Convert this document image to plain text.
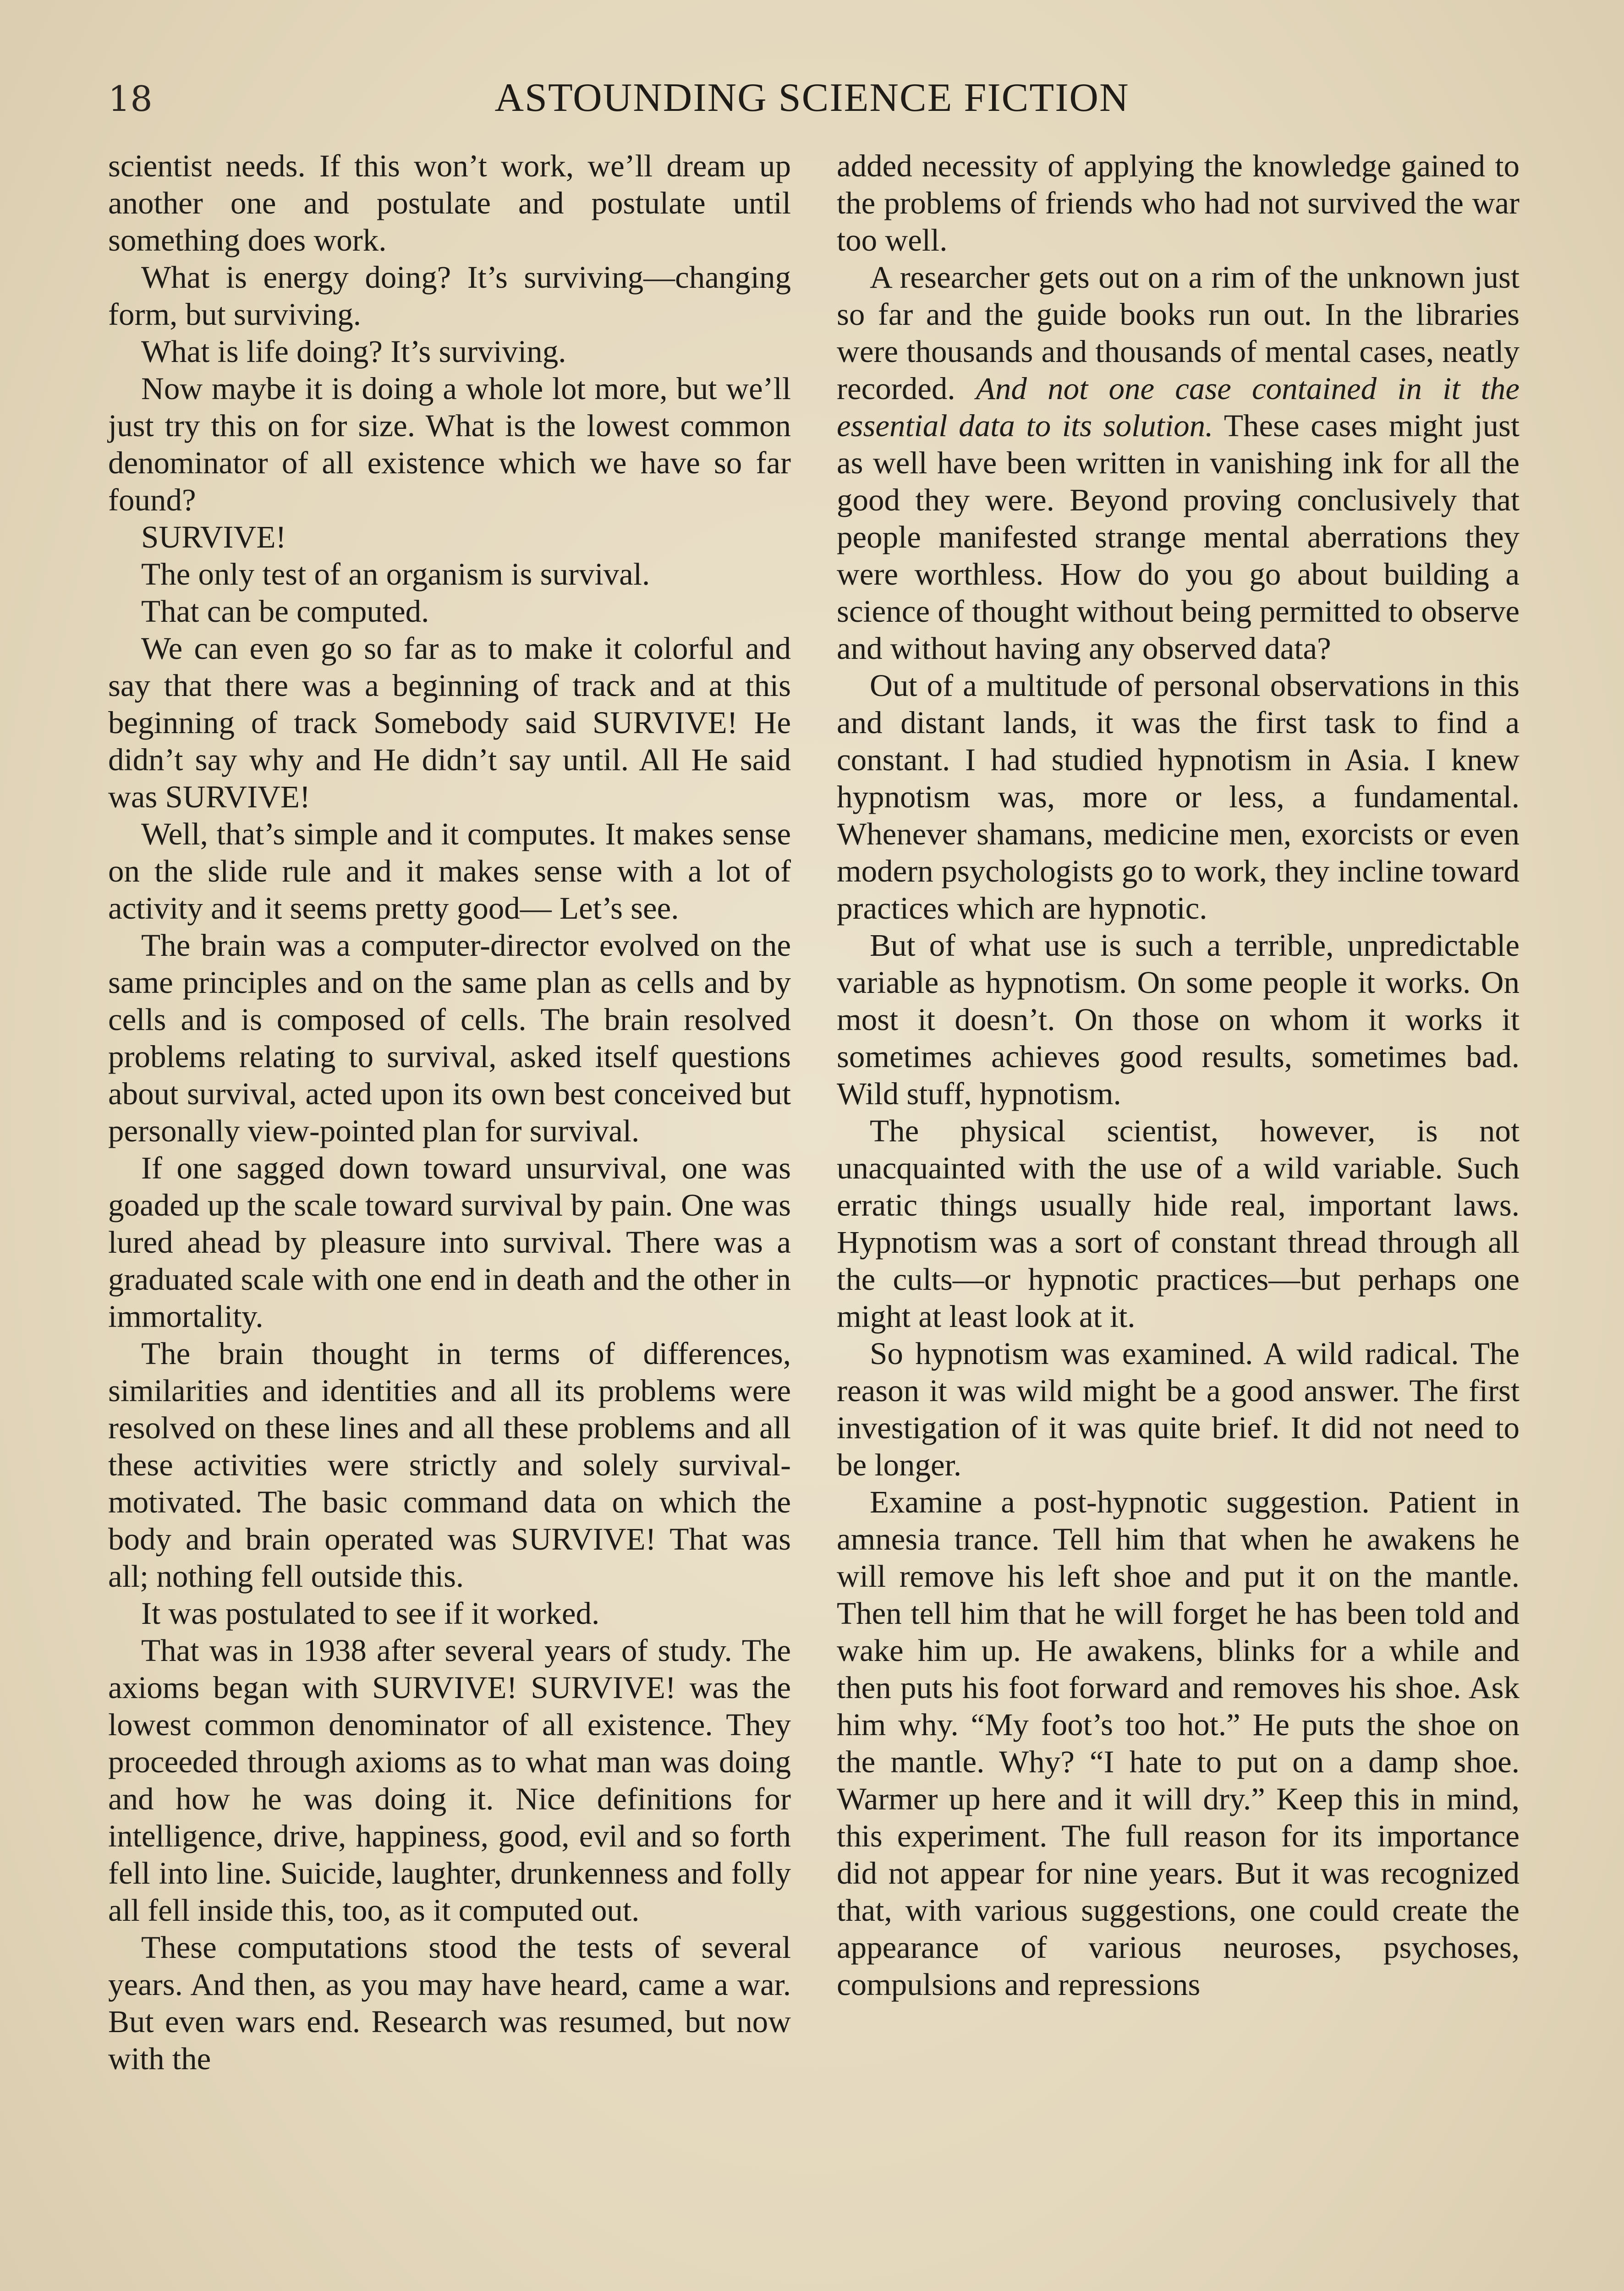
18	ASTOUNDING SCIENCE FICTION

scientist needs. If this won’t work, we’ll dream up another one and postulate and postulate until something does work.

What is energy doing? It’s surviving—changing form, but surviving.

What is life doing? It’s surviving.

Now maybe it is doing a whole lot more, but we’ll just try this on for size. What is the lowest common denominator of all existence which we have so far found?

SURVIVE!

The only test of an organism is survival.

That can be computed.

We can even go so far as to make it colorful and say that there was a beginning of track and at this beginning of track Somebody said SURVIVE! He didn’t say why and He didn’t say until. All He said was SURVIVE!

Well, that’s simple and it computes. It makes sense on the slide rule and it makes sense with a lot of activity and it seems pretty good— Let’s see.

The brain was a computer-director evolved on the same principles and on the same plan as cells and by cells and is composed of cells. The brain resolved problems relating to survival, asked itself questions about survival, acted upon its own best conceived but personally view-pointed plan for survival.

If one sagged down toward unsurvival, one was goaded up the scale toward survival by pain. One was lured ahead by pleasure into survival. There was a graduated scale with one end in death and the other in immortality.

The brain thought in terms of differences, similarities and identities and all its problems were resolved on these lines and all these problems and all these activities were strictly and solely survival-motivated. The basic command data on which the body and brain operated was SURVIVE! That was all; nothing fell outside this.

It was postulated to see if it worked.

That was in 1938 after several years of study. The axioms began with SURVIVE! SURVIVE! was the lowest common denominator of all existence. They proceeded through axioms as to what man was doing and how he was doing it. Nice definitions for intelligence, drive, happiness, good, evil and so forth fell into line. Suicide, laughter, drunkenness and folly all fell inside this, too, as it computed out.

These computations stood the tests of several years. And then, as you may have heard, came a war. But even wars end. Research was resumed, but now with the

added necessity of applying the knowledge gained to the problems of friends who had not survived the war too well.

A researcher gets out on a rim of the unknown just so far and the guide books run out. In the libraries were thousands and thousands of mental cases, neatly recorded. And not one case contained in it the essential data to its solution. These cases might just as well have been written in vanishing ink for all the good they were. Beyond proving conclusively that people manifested strange mental aberrations they were worthless. How do you go about building a science of thought without being permitted to observe and without having any observed data?

Out of a multitude of personal observations in this and distant lands, it was the first task to find a constant. I had studied hypnotism in Asia. I knew hypnotism was, more or less, a fundamental. Whenever shamans, medicine men, exorcists or even modern psychologists go to work, they incline toward practices which are hypnotic.

But of what use is such a terrible, unpredictable variable as hypnotism. On some people it works. On most it doesn’t. On those on whom it works it sometimes achieves good results, sometimes bad. Wild stuff, hypnotism.

The physical scientist, however, is not unacquainted with the use of a wild variable. Such erratic things usually hide real, important laws. Hypnotism was a sort of constant thread through all the cults—or hypnotic practices—but perhaps one might at least look at it.

So hypnotism was examined. A wild radical. The reason it was wild might be a good answer. The first investigation of it was quite brief. It did not need to be longer.

Examine a post-hypnotic suggestion. Patient in amnesia trance. Tell him that when he awakens he will remove his left shoe and put it on the mantle. Then tell him that he will forget he has been told and wake him up. He awakens, blinks for a while and then puts his foot forward and removes his shoe. Ask him why. “My foot’s too hot.” He puts the shoe on the mantle. Why? “I hate to put on a damp shoe. Warmer up here and it will dry.” Keep this in mind, this experiment. The full reason for its importance did not appear for nine years. But it was recognized that, with various suggestions, one could create the appearance of various neuroses, psychoses, compulsions and repressions
